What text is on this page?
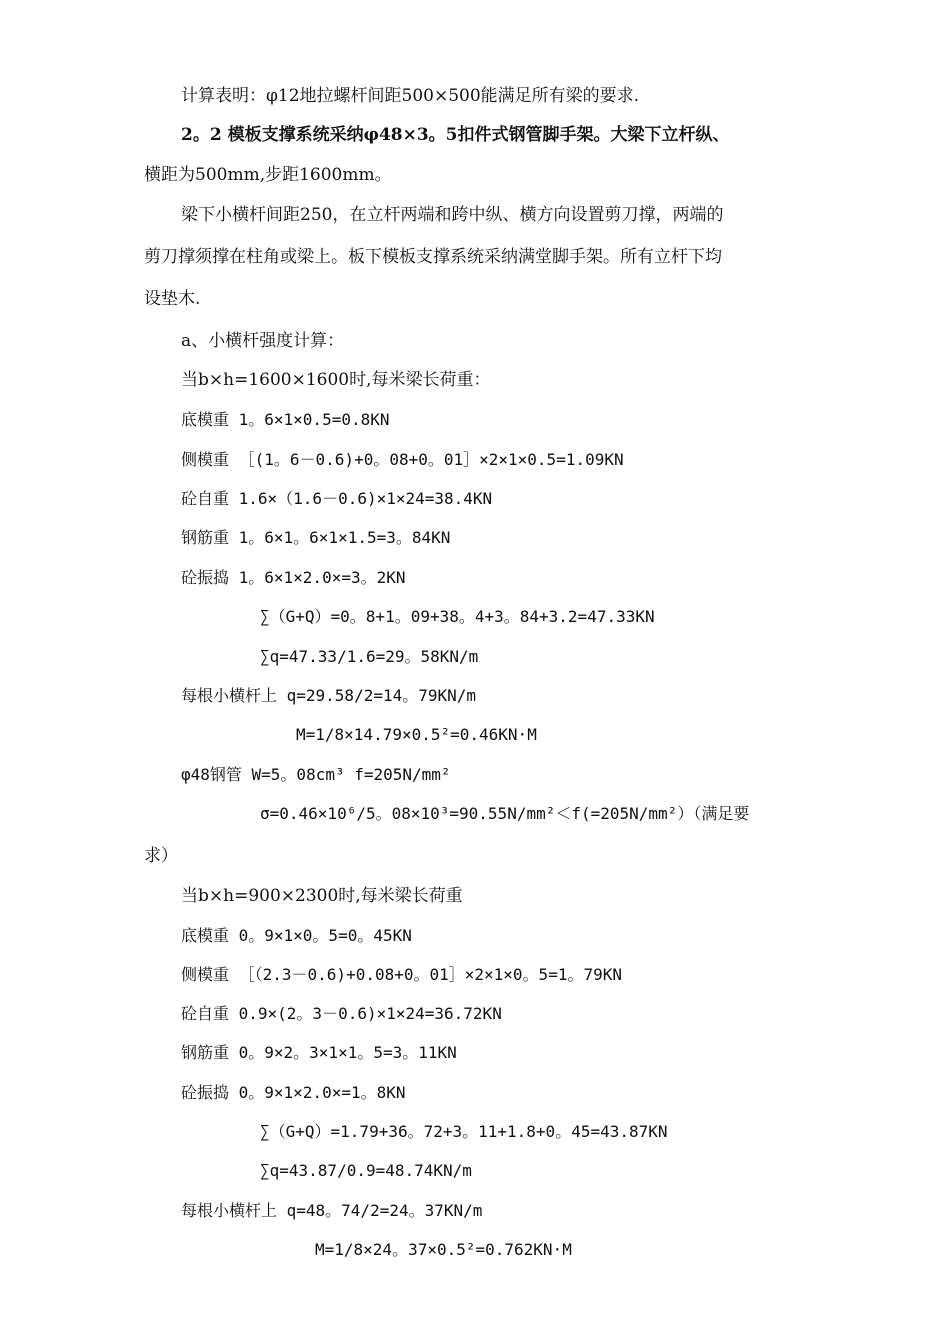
计算表明：φ12地拉螺杆间距500×500能满足所有梁的要求.
2。2 模板支撑系统采纳φ48×3。5扣件式钢管脚手架。大梁下立杆纵、
横距为500mm,步距1600mm。
梁下小横杆间距250，在立杆两端和跨中纵、横方向设置剪刀撑，两端的
剪刀撑须撑在柱角或梁上。板下模板支撑系统采纳满堂脚手架。所有立杆下均
设垫木.
a、小横杆强度计算：
当b×h=1600×1600时,每米梁长荷重：
底模重 1。6×1×0.5=0.8KN
侧模重 ［(1。6－0.6)+0。08+0。01］×2×1×0.5=1.09KN
砼自重 1.6×（1.6－0.6)×1×24=38.4KN
钢筋重 1。6×1。6×1×1.5=3。84KN
砼振捣 1。6×1×2.0×=3。2KN
∑（G+Q）=0。8+1。09+38。4+3。84+3.2=47.33KN
∑q=47.33/1.6=29。58KN/m
每根小横杆上 q=29.58/2=14。79KN/m
M=1/8×14.79×0.5²=0.46KN·M
φ48钢管 W=5。08cm³ f=205N/mm²
σ=0.46×10⁶/5。08×10³=90.55N/mm²＜f(=205N/mm²）（满足要
求）
当b×h=900×2300时,每米梁长荷重
底模重 0。9×1×0。5=0。45KN
侧模重 ［（2.3－0.6)+0.08+0。01］×2×1×0。5=1。79KN
砼自重 0.9×(2。3－0.6)×1×24=36.72KN
钢筋重 0。9×2。3×1×1。5=3。11KN
砼振捣 0。9×1×2.0×=1。8KN
∑（G+Q）=1.79+36。72+3。11+1.8+0。45=43.87KN
∑q=43.87/0.9=48.74KN/m
每根小横杆上 q=48。74/2=24。37KN/m
M=1/8×24。37×0.5²=0.762KN·M
